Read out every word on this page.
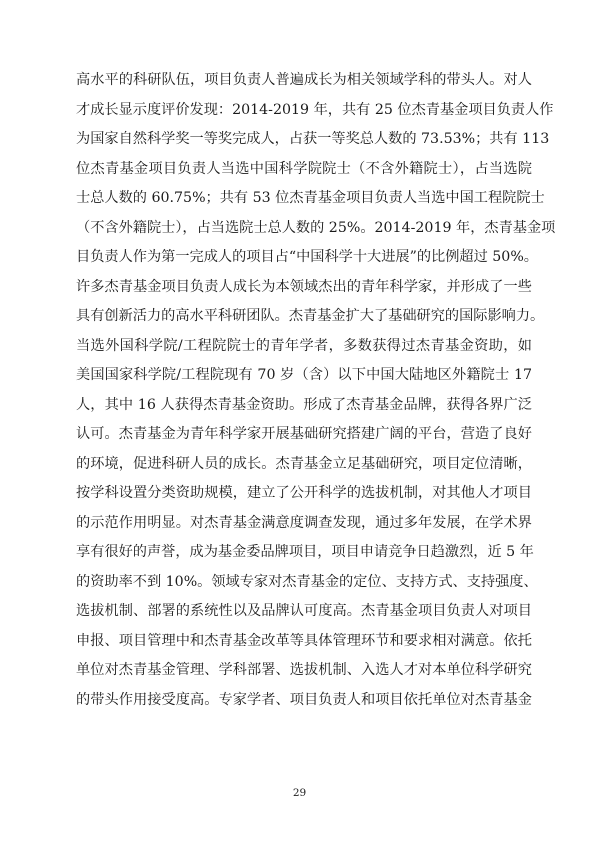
高水平的科研队伍，项目负责人普遍成长为相关领域学科的带头人。对人
才成长显示度评价发现：2014-2019 年，共有 25 位杰青基金项目负责人作
为国家自然科学奖一等奖完成人，占获一等奖总人数的 73.53%；共有 113
位杰青基金项目负责人当选中国科学院院士（不含外籍院士），占当选院
士总人数的 60.75%；共有 53 位杰青基金项目负责人当选中国工程院院士
（不含外籍院士），占当选院士总人数的 25%。2014-2019 年，杰青基金项
目负责人作为第一完成人的项目占“中国科学十大进展”的比例超过 50%。
许多杰青基金项目负责人成长为本领域杰出的青年科学家，并形成了一些
具有创新活力的高水平科研团队。杰青基金扩大了基础研究的国际影响力。
当选外国科学院/工程院院士的青年学者，多数获得过杰青基金资助，如
美国国家科学院/工程院现有 70 岁（含）以下中国大陆地区外籍院士 17
人，其中 16 人获得杰青基金资助。形成了杰青基金品牌，获得各界广泛
认可。杰青基金为青年科学家开展基础研究搭建广阔的平台，营造了良好
的环境，促进科研人员的成长。杰青基金立足基础研究，项目定位清晰，
按学科设置分类资助规模，建立了公开科学的选拔机制，对其他人才项目
的示范作用明显。对杰青基金满意度调查发现，通过多年发展，在学术界
享有很好的声誉，成为基金委品牌项目，项目申请竞争日趋激烈，近 5 年
的资助率不到 10%。领域专家对杰青基金的定位、支持方式、支持强度、
选拔机制、部署的系统性以及品牌认可度高。杰青基金项目负责人对项目
申报、项目管理中和杰青基金改革等具体管理环节和要求相对满意。依托
单位对杰青基金管理、学科部署、选拔机制、入选人才对本单位科学研究
的带头作用接受度高。专家学者、项目负责人和项目依托单位对杰青基金
29
